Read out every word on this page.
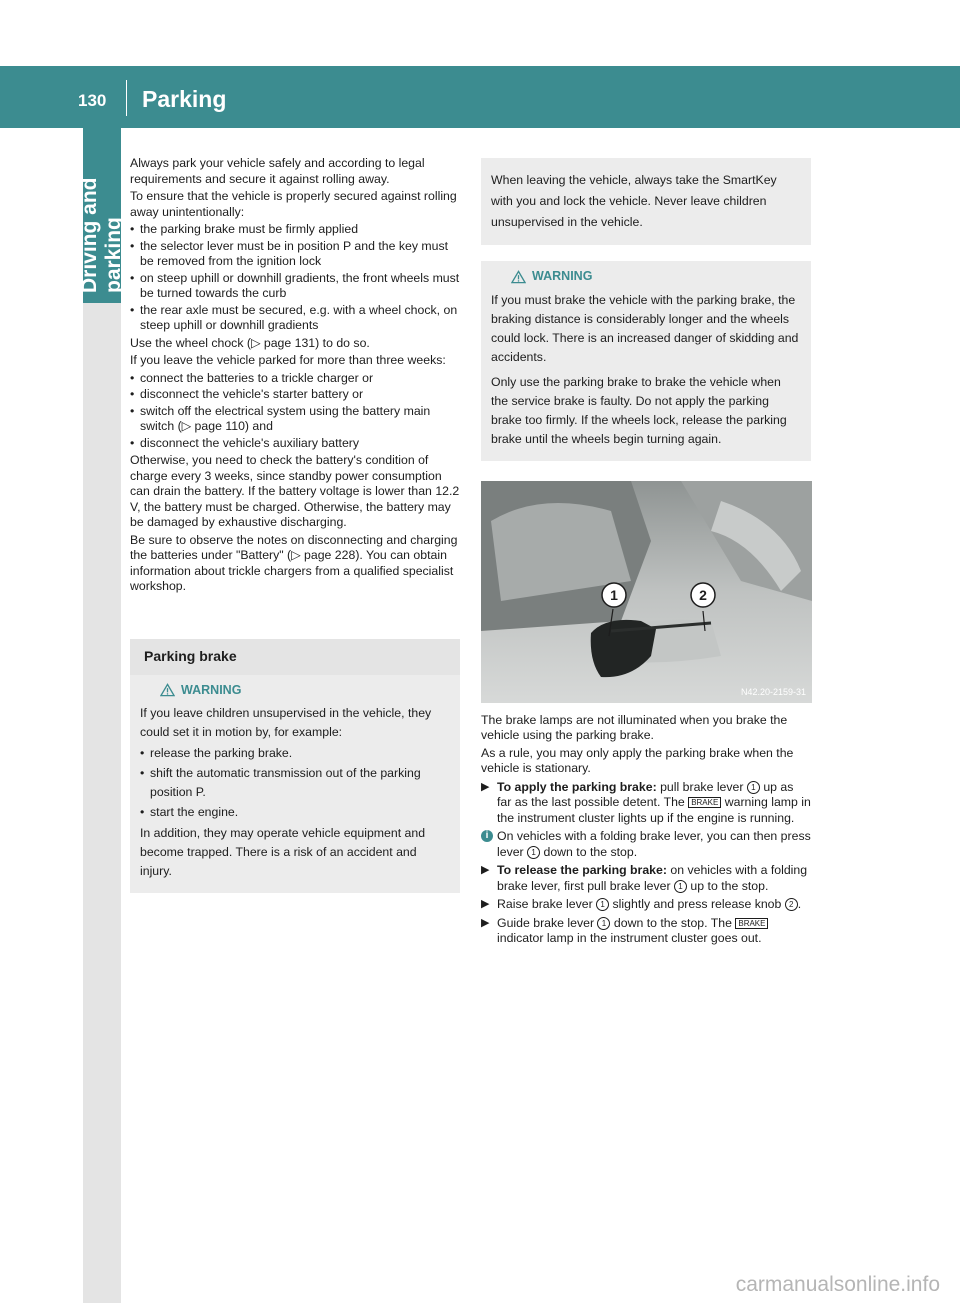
130 Parking
Driving and parking

Always park your vehicle safely and according to legal requirements and secure it against rolling away.

To ensure that the vehicle is properly secured against rolling away unintentionally:

• the parking brake must be firmly applied
• the selector lever must be in position P and the key must be removed from the ignition lock
• on steep uphill or downhill gradients, the front wheels must be turned towards the curb
• the rear axle must be secured, e.g. with a wheel chock, on steep uphill or downhill gradients

Use the wheel chock (▷ page 131) to do so.

If you leave the vehicle parked for more than three weeks:

• connect the batteries to a trickle charger or
• disconnect the vehicle's starter battery or
• switch off the electrical system using the battery main switch (▷ page 110) and
• disconnect the vehicle's auxiliary battery

Otherwise, you need to check the battery's condition of charge every 3 weeks, since standby power consumption can drain the battery. If the battery voltage is lower than 12.2 V, the battery must be charged. Otherwise, the battery may be damaged by exhaustive discharging.

Be sure to observe the notes on disconnecting and charging the batteries under "Battery" (▷ page 228). You can obtain information about trickle chargers from a qualified specialist workshop.

Parking brake
WARNING

If you leave children unsupervised in the vehicle, they could set it in motion by, for example:

• release the parking brake.
• shift the automatic transmission out of the parking position P.
• start the engine.

In addition, they may operate vehicle equipment and become trapped. There is a risk of an accident and injury.

When leaving the vehicle, always take the SmartKey with you and lock the vehicle. Never leave children unsupervised in the vehicle.

WARNING

If you must brake the vehicle with the parking brake, the braking distance is considerably longer and the wheels could lock. There is an increased danger of skidding and accidents.

Only use the parking brake to brake the vehicle when the service brake is faulty. Do not apply the parking brake too firmly. If the wheels lock, release the parking brake until the wheels begin turning again.

1	2
N42.20-2159-31

The brake lamps are not illuminated when you brake the vehicle using the parking brake.

As a rule, you may only apply the parking brake when the vehicle is stationary.

▶ To apply the parking brake: pull brake lever 1 up as far as the last possible detent. The BRAKE warning lamp in the instrument cluster lights up if the engine is running.
i On vehicles with a folding brake lever, you can then press lever 1 down to the stop.
▶ To release the parking brake: on vehicles with a folding brake lever, first pull brake lever 1 up to the stop.
▶ Raise brake lever 1 slightly and press release knob 2 .
▶ Guide brake lever 1 down to the stop. The BRAKE indicator lamp in the instrument cluster goes out.
carmanualsonline.info
